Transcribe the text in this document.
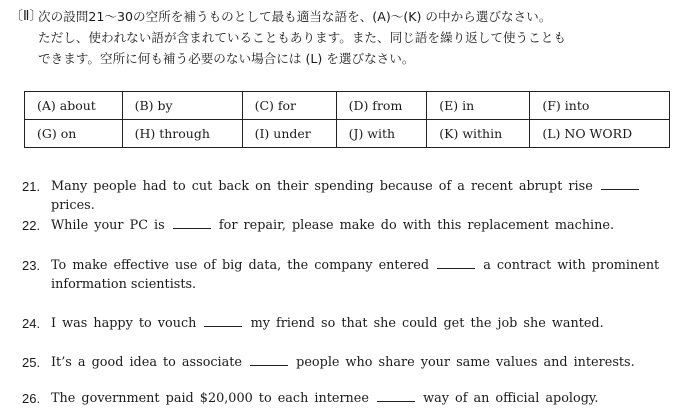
〔Ⅱ〕
次の設問21～30の空所を補うものとして最も適当な語を、(A)～(K) の中から選びなさい。
ただし、使われない語が含まれていることもあります。また、同じ語を繰り返して使うことも
できます。空所に何も補う必要のない場合には (L) を選びなさい。
(A) about	(B) by	(C) for	(D) from	(E) in	(F) into
(G) on	(H) through	(I) under	(J) with	(K) within	(L) NO WORD
21. Many people had to cut back on their spending because of a recent abrupt rise  prices.
22. While your PC is	for repair, please make do with this replacement machine.
23. To make effective use of big data, the company entered	a contract with prominent
information scientists.
24. I was happy to vouch	my friend so that she could get the job she wanted.
25. It’s a good idea to associate	people who share your same values and interests.
26. The government paid $20,000 to each internee	way of an official apology.
